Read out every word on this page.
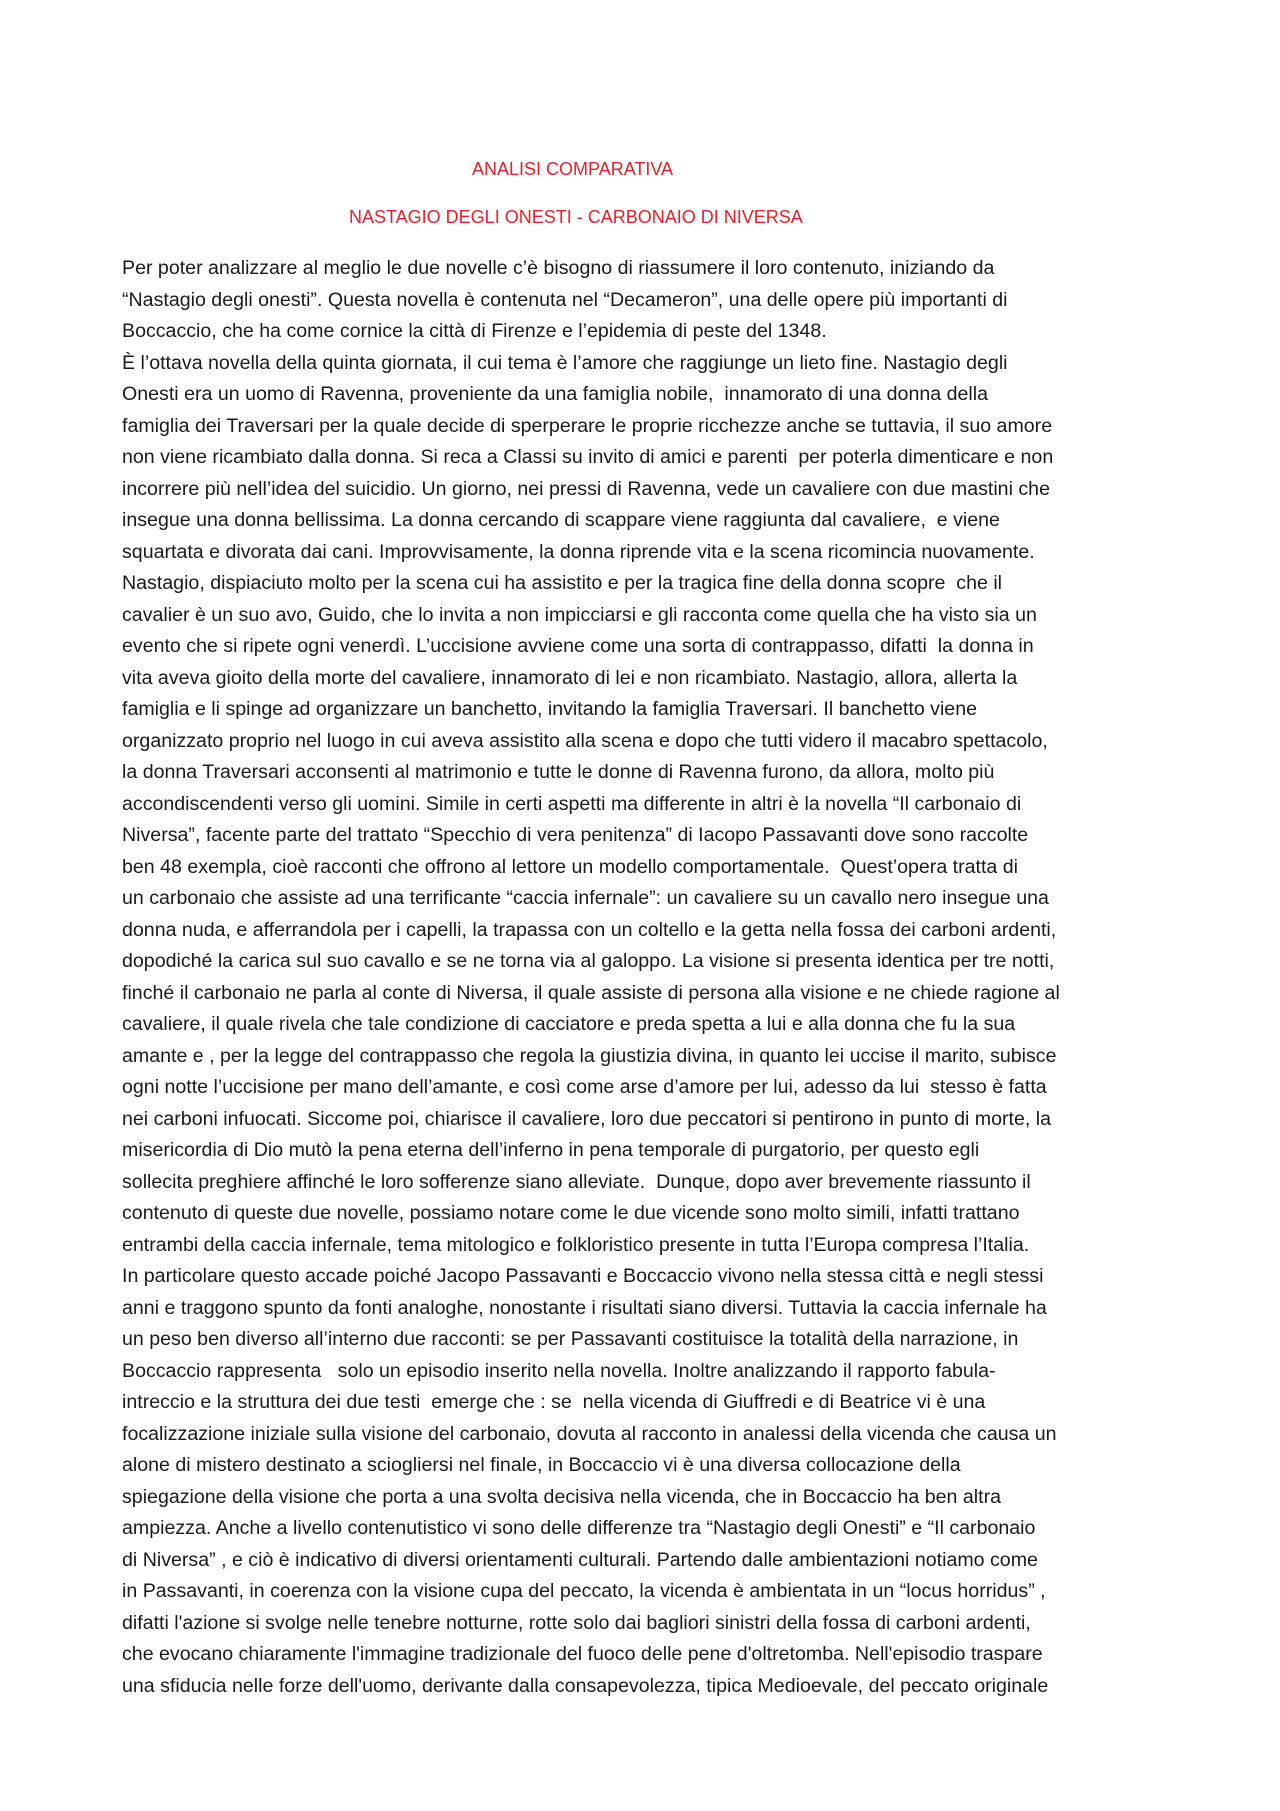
ANALISI COMPARATIVA
NASTAGIO DEGLI ONESTI - CARBONAIO DI NIVERSA
Per poter analizzare al meglio le due novelle c’è bisogno di riassumere il loro contenuto, iniziando da
“Nastagio degli onesti”. Questa novella è contenuta nel “Decameron”, una delle opere più importanti di
Boccaccio, che ha come cornice la città di Firenze e l’epidemia di peste del 1348.
È l’ottava novella della quinta giornata, il cui tema è l’amore che raggiunge un lieto fine. Nastagio degli
Onesti era un uomo di Ravenna, proveniente da una famiglia nobile,  innamorato di una donna della
famiglia dei Traversari per la quale decide di sperperare le proprie ricchezze anche se tuttavia, il suo amore
non viene ricambiato dalla donna. Si reca a Classi su invito di amici e parenti  per poterla dimenticare e non
incorrere più nell’idea del suicidio. Un giorno, nei pressi di Ravenna, vede un cavaliere con due mastini che
insegue una donna bellissima. La donna cercando di scappare viene raggiunta dal cavaliere,  e viene
squartata e divorata dai cani. Improvvisamente, la donna riprende vita e la scena ricomincia nuovamente.
Nastagio, dispiaciuto molto per la scena cui ha assistito e per la tragica fine della donna scopre  che il
cavalier è un suo avo, Guido, che lo invita a non impicciarsi e gli racconta come quella che ha visto sia un
evento che si ripete ogni venerdì. L’uccisione avviene come una sorta di contrappasso, difatti  la donna in
vita aveva gioito della morte del cavaliere, innamorato di lei e non ricambiato. Nastagio, allora, allerta la
famiglia e li spinge ad organizzare un banchetto, invitando la famiglia Traversari. Il banchetto viene
organizzato proprio nel luogo in cui aveva assistito alla scena e dopo che tutti videro il macabro spettacolo,
la donna Traversari acconsenti al matrimonio e tutte le donne di Ravenna furono, da allora, molto più
accondiscendenti verso gli uomini. Simile in certi aspetti ma differente in altri è la novella “Il carbonaio di
Niversa”, facente parte del trattato “Specchio di vera penitenza” di Iacopo Passavanti dove sono raccolte
ben 48 exempla, cioè racconti che offrono al lettore un modello comportamentale.  Quest’opera tratta di
un carbonaio che assiste ad una terrificante “caccia infernale”: un cavaliere su un cavallo nero insegue una
donna nuda, e afferrandola per i capelli, la trapassa con un coltello e la getta nella fossa dei carboni ardenti,
dopodiché la carica sul suo cavallo e se ne torna via al galoppo. La visione si presenta identica per tre notti,
finché il carbonaio ne parla al conte di Niversa, il quale assiste di persona alla visione e ne chiede ragione al
cavaliere, il quale rivela che tale condizione di cacciatore e preda spetta a lui e alla donna che fu la sua
amante e , per la legge del contrappasso che regola la giustizia divina, in quanto lei uccise il marito, subisce
ogni notte l’uccisione per mano dell’amante, e così come arse d’amore per lui, adesso da lui  stesso è fatta
nei carboni infuocati. Siccome poi, chiarisce il cavaliere, loro due peccatori si pentirono in punto di morte, la
misericordia di Dio mutò la pena eterna dell’inferno in pena temporale di purgatorio, per questo egli
sollecita preghiere affinché le loro sofferenze siano alleviate.  Dunque, dopo aver brevemente riassunto il
contenuto di queste due novelle, possiamo notare come le due vicende sono molto simili, infatti trattano
entrambi della caccia infernale, tema mitologico e folkloristico presente in tutta l’Europa compresa l’Italia.
In particolare questo accade poiché Jacopo Passavanti e Boccaccio vivono nella stessa città e negli stessi
anni e traggono spunto da fonti analoghe, nonostante i risultati siano diversi. Tuttavia la caccia infernale ha
un peso ben diverso all’interno due racconti: se per Passavanti costituisce la totalità della narrazione, in
Boccaccio rappresenta   solo un episodio inserito nella novella. Inoltre analizzando il rapporto fabula-
intreccio e la struttura dei due testi  emerge che : se  nella vicenda di Giuffredi e di Beatrice vi è una
focalizzazione iniziale sulla visione del carbonaio, dovuta al racconto in analessi della vicenda che causa un
alone di mistero destinato a sciogliersi nel finale, in Boccaccio vi è una diversa collocazione della
spiegazione della visione che porta a una svolta decisiva nella vicenda, che in Boccaccio ha ben altra
ampiezza. Anche a livello contenutistico vi sono delle differenze tra “Nastagio degli Onesti” e “Il carbonaio
di Niversa” , e ciò è indicativo di diversi orientamenti culturali. Partendo dalle ambientazioni notiamo come
in Passavanti, in coerenza con la visione cupa del peccato, la vicenda è ambientata in un “locus horridus” ,
difatti l'azione si svolge nelle tenebre notturne, rotte solo dai bagliori sinistri della fossa di carboni ardenti,
che evocano chiaramente l'immagine tradizionale del fuoco delle pene d'oltretomba. Nell'episodio traspare
una sfiducia nelle forze dell'uomo, derivante dalla consapevolezza, tipica Medioevale, del peccato originale
